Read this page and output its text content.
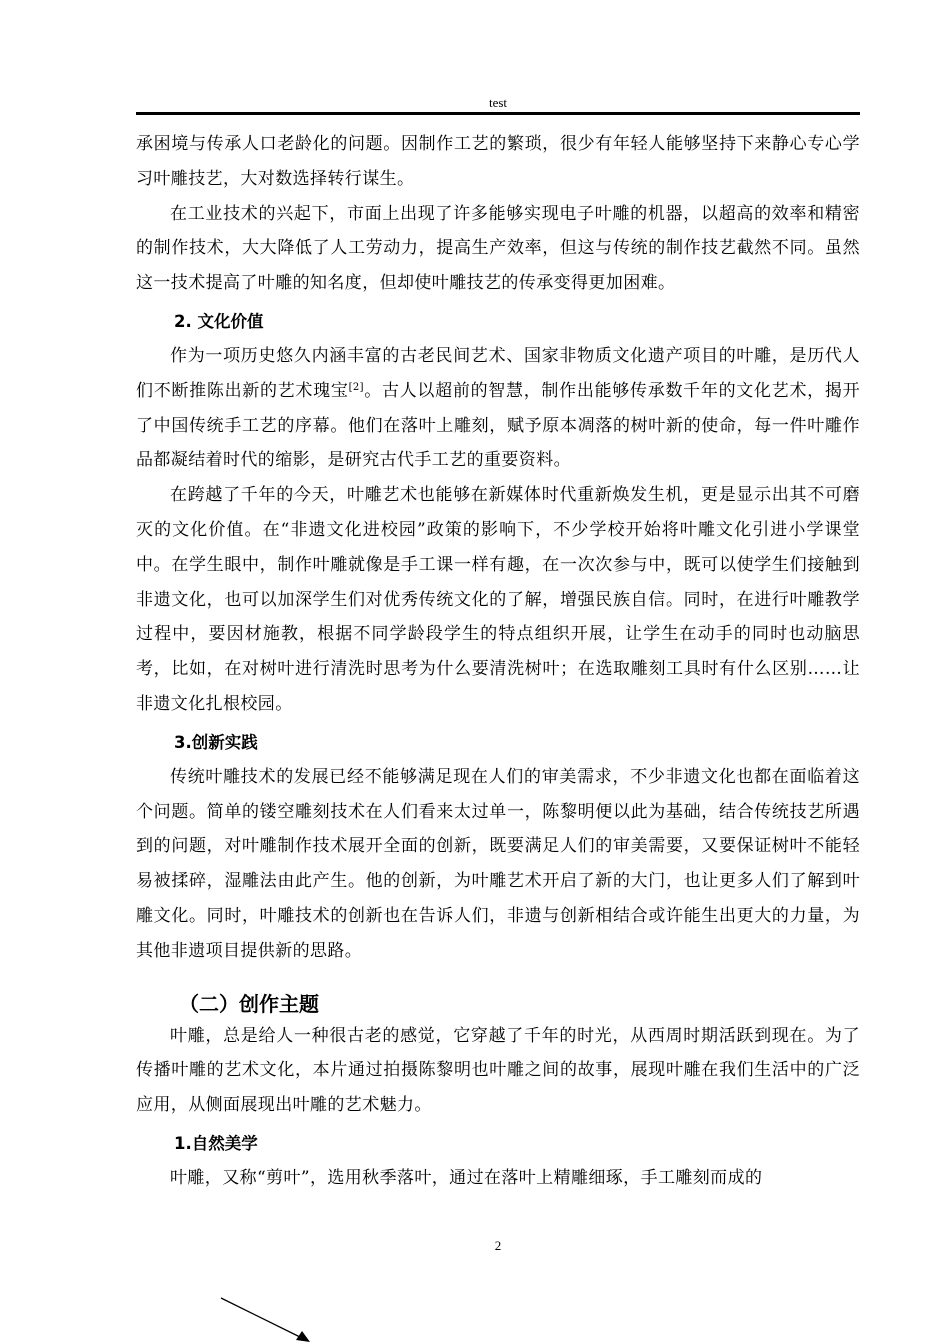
test

承困境与传承人口老龄化的问题。因制作工艺的繁琐，很少有年轻人能够坚持下来静心专心学习叶雕技艺，大对数选择转行谋生。

在工业技术的兴起下，市面上出现了许多能够实现电子叶雕的机器，以超高的效率和精密的制作技术，大大降低了人工劳动力，提高生产效率，但这与传统的制作技艺截然不同。虽然这一技术提高了叶雕的知名度，但却使叶雕技艺的传承变得更加困难。

2. 文化价值

作为一项历史悠久内涵丰富的古老民间艺术、国家非物质文化遗产项目的叶雕，是历代人们不断推陈出新的艺术瑰宝[2]。古人以超前的智慧，制作出能够传承数千年的文化艺术，揭开了中国传统手工艺的序幕。他们在落叶上雕刻，赋予原本凋落的树叶新的使命，每一件叶雕作品都凝结着时代的缩影，是研究古代手工艺的重要资料。

在跨越了千年的今天，叶雕艺术也能够在新媒体时代重新焕发生机，更是显示出其不可磨灭的文化价值。在“非遗文化进校园”政策的影响下，不少学校开始将叶雕文化引进小学课堂中。在学生眼中，制作叶雕就像是手工课一样有趣，在一次次参与中，既可以使学生们接触到非遗文化，也可以加深学生们对优秀传统文化的了解，增强民族自信。同时，在进行叶雕教学过程中，要因材施教，根据不同学龄段学生的特点组织开展，让学生在动手的同时也动脑思考，比如，在对树叶进行清洗时思考为什么要清洗树叶；在选取雕刻工具时有什么区别……让非遗文化扎根校园。

3.创新实践

传统叶雕技术的发展已经不能够满足现在人们的审美需求，不少非遗文化也都在面临着这个问题。简单的镂空雕刻技术在人们看来太过单一，陈黎明便以此为基础，结合传统技艺所遇到的问题，对叶雕制作技术展开全面的创新，既要满足人们的审美需要，又要保证树叶不能轻易被揉碎，湿雕法由此产生。他的创新，为叶雕艺术开启了新的大门，也让更多人们了解到叶雕文化。同时，叶雕技术的创新也在告诉人们，非遗与创新相结合或许能生出更大的力量，为其他非遗项目提供新的思路。

（二）创作主题

叶雕，总是给人一种很古老的感觉，它穿越了千年的时光，从西周时期活跃到现在。为了传播叶雕的艺术文化，本片通过拍摄陈黎明也叶雕之间的故事，展现叶雕在我们生活中的广泛应用，从侧面展现出叶雕的艺术魅力。

1.自然美学

叶雕，又称“剪叶”，选用秋季落叶，通过在落叶上精雕细琢，手工雕刻而成的

2
